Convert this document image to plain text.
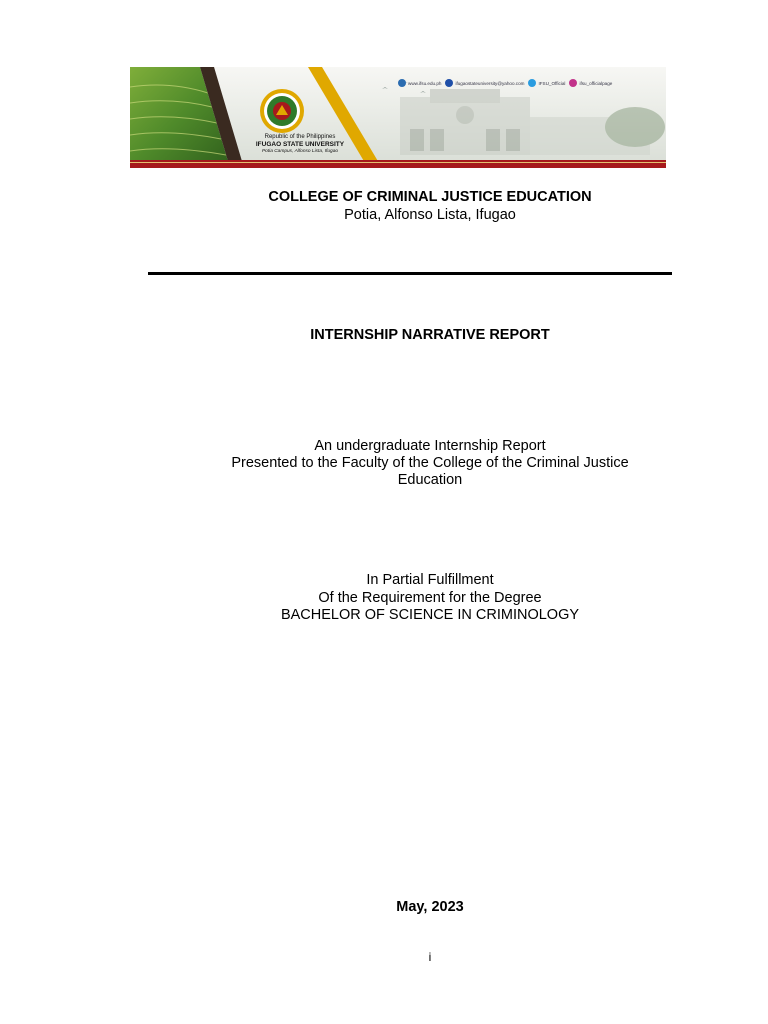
www.ifsu.edu.ph	ifugaostateuniversity@yahoo.com	IFSU_Official	ifsu_officialpage
Republic of the Philippines
IFUGAO STATE UNIVERSITY
Potia Campus, Alfonso Lista, Ifugao
COLLEGE OF CRIMINAL JUSTICE EDUCATION
Potia, Alfonso Lista, Ifugao
INTERNSHIP NARRATIVE REPORT
An undergraduate Internship Report
Presented to the Faculty of the College of the Criminal Justice
Education
In Partial Fulfillment
Of the Requirement for the Degree
BACHELOR OF SCIENCE IN CRIMINOLOGY
May, 2023
i
